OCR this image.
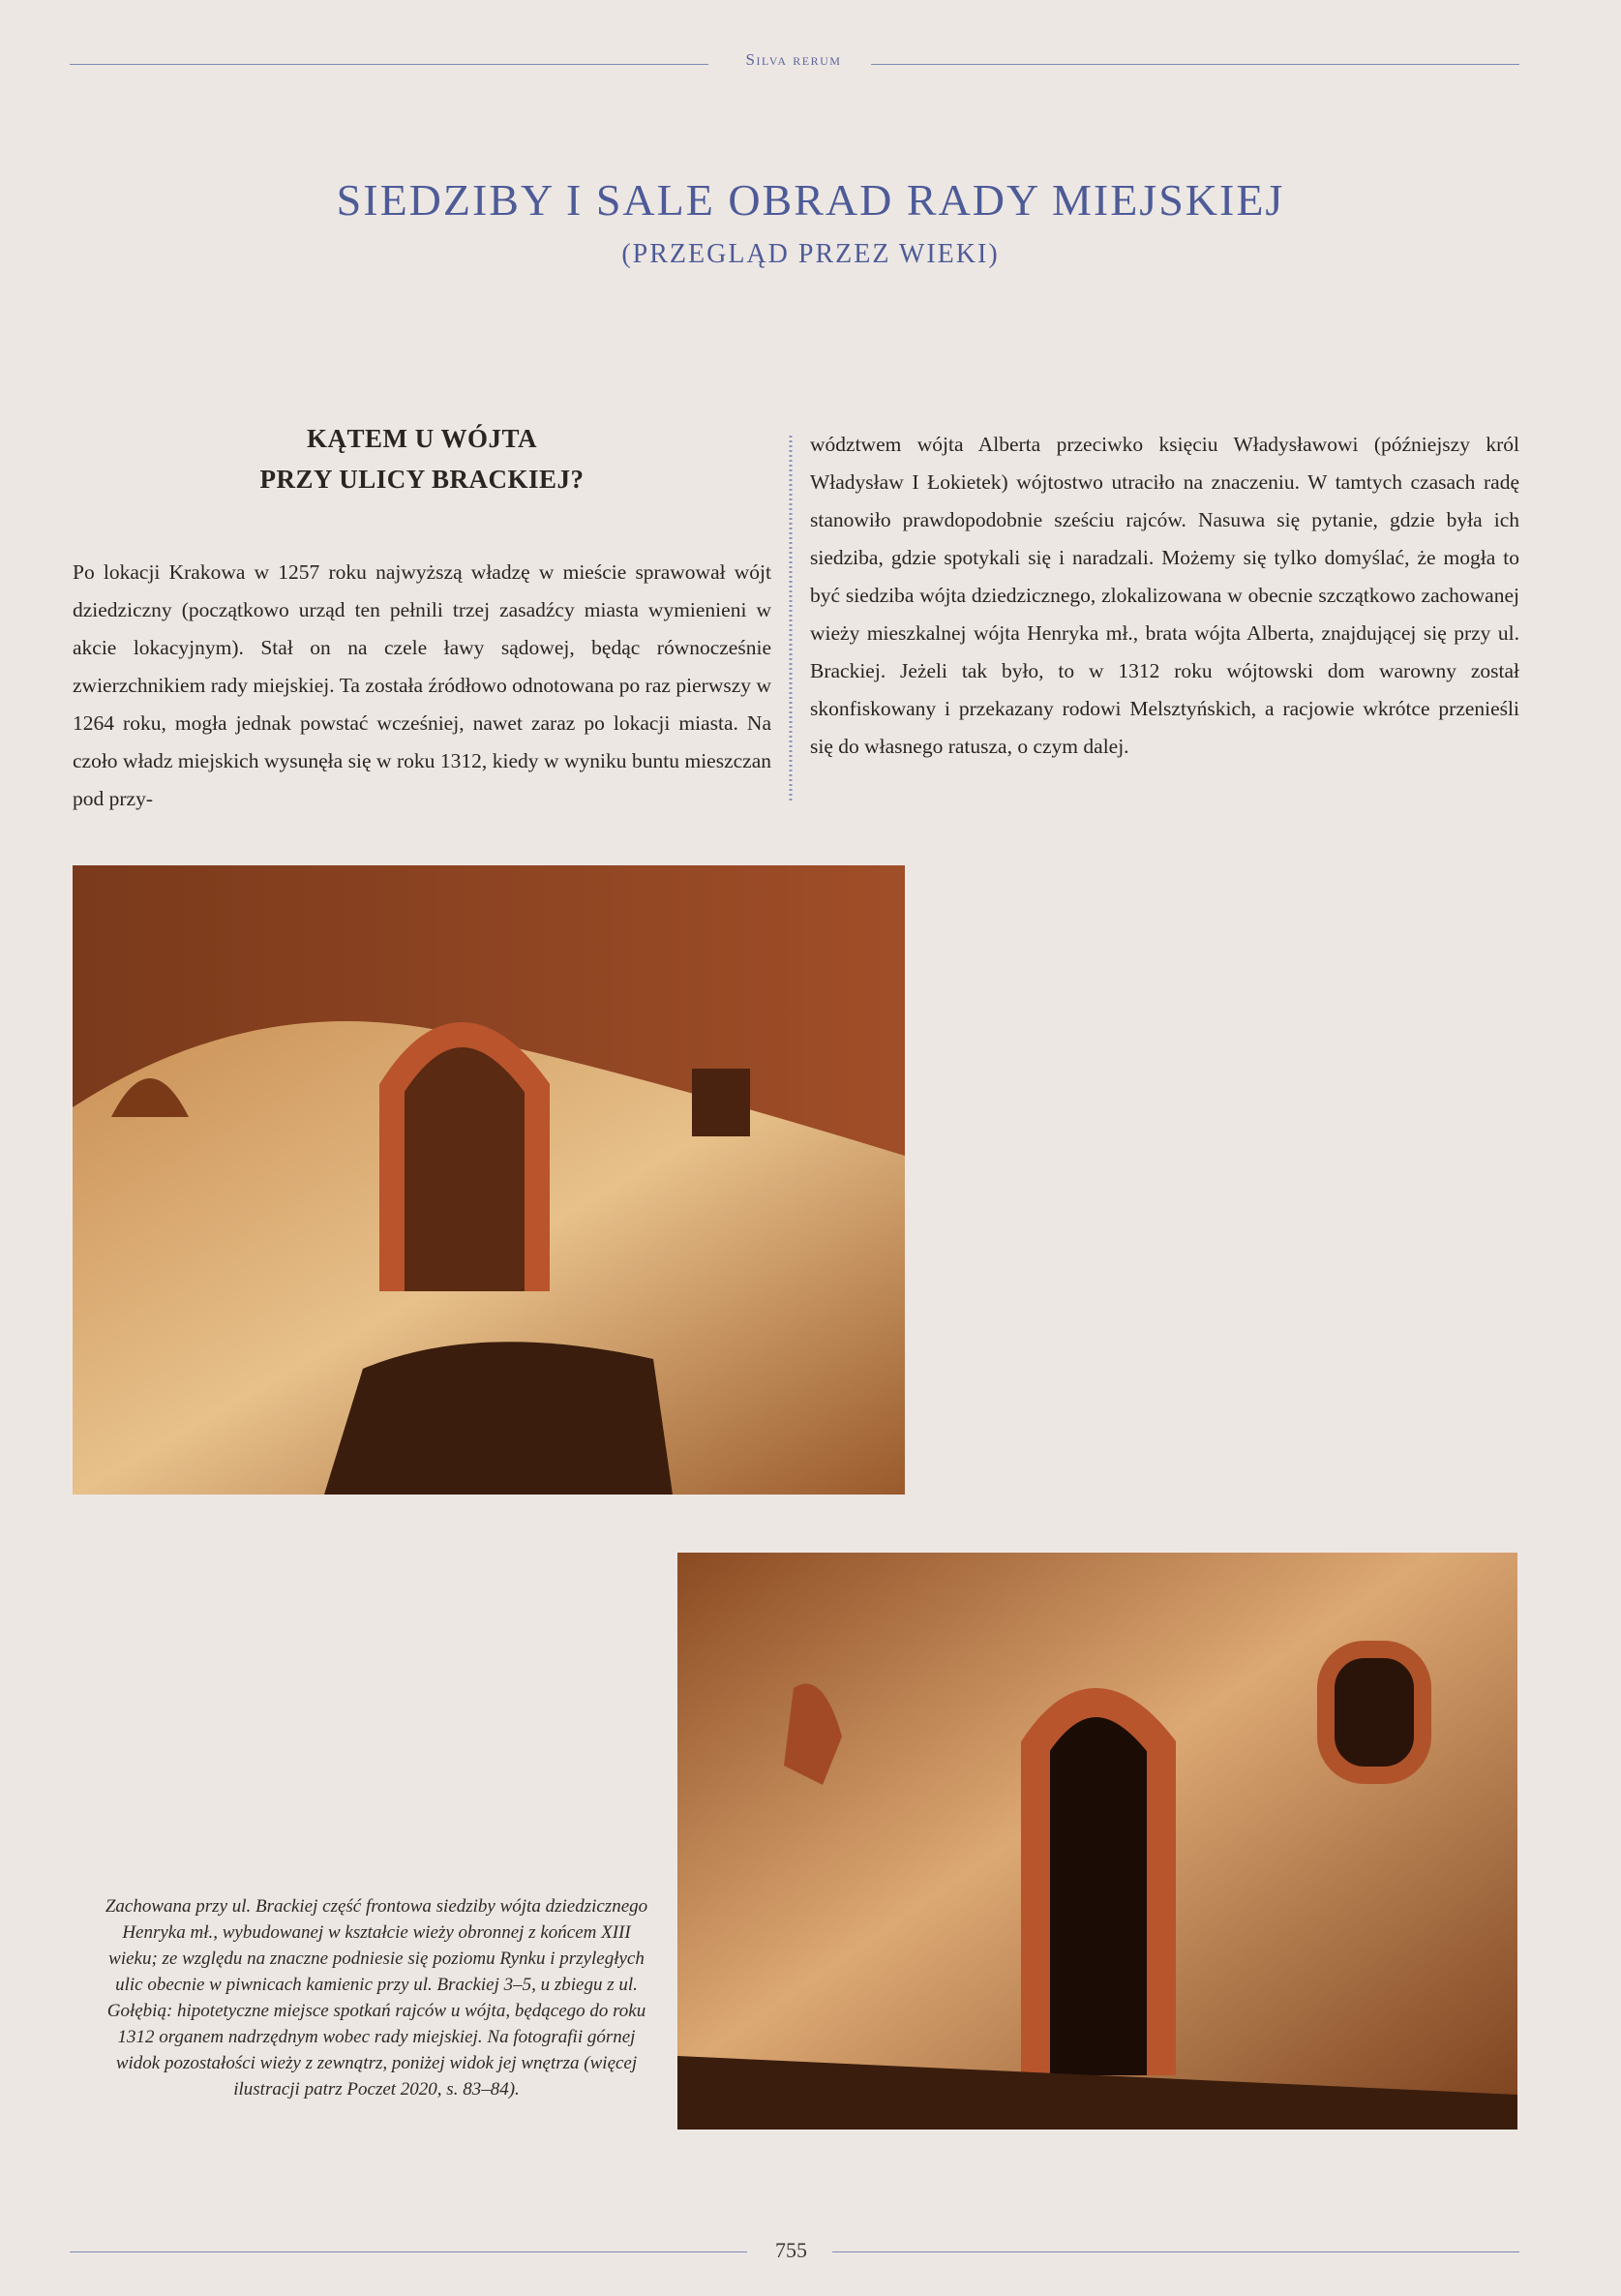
Silva rerum
SIEDZIBY I SALE OBRAD RADY MIEJSKIEJ
(PRZEGLĄD PRZEZ WIEKI)
KĄTEM U WÓJTA
PRZY ULICY BRACKIEJ?
Po lokacji Krakowa w 1257 roku najwyższą władzę w mieście sprawował wójt dziedziczny (początkowo urząd ten pełnili trzej zasadźcy miasta wymienieni w akcie lokacyjnym). Stał on na czele ławy sądowej, będąc równocześnie zwierzchnikiem rady miejskiej. Ta została źródłowo odnotowana po raz pierwszy w 1264 roku, mogła jednak powstać wcześniej, nawet zaraz po lokacji miasta. Na czoło władz miejskich wysunęła się w roku 1312, kiedy w wyniku buntu mieszczan pod przy-
wództwem wójta Alberta przeciwko księciu Władysławowi (późniejszy król Władysław I Łokietek) wójtostwo utraciło na znaczeniu. W tamtych czasach radę stanowiło prawdopodobnie sześciu rajców. Nasuwa się pytanie, gdzie była ich siedziba, gdzie spotykali się i naradzali. Możemy się tylko domyślać, że mogła to być siedziba wójta dziedzicznego, zlokalizowana w obecnie szczątkowo zachowanej wieży mieszkalnej wójta Henryka mł., brata wójta Alberta, znajdującej się przy ul. Brackiej. Jeżeli tak było, to w 1312 roku wójtowski dom warowny został skonfiskowany i przekazany rodowi Melsztyńskich, a racjowie wkrótce przenieśli się do własnego ratusza, o czym dalej.
Zachowana przy ul. Brackiej część frontowa siedziby wójta dziedzicznego Henryka mł., wybudowanej w kształcie wieży obronnej z końcem XIII wieku; ze względu na znaczne podniesie się poziomu Rynku i przyległych ulic obecnie w piwnicach kamienic przy ul. Brackiej 3–5, u zbiegu z ul. Gołębią: hipotetyczne miejsce spotkań rajców u wójta, będącego do roku 1312 organem nadrzędnym wobec rady miejskiej. Na fotografii górnej widok pozostałości wieży z zewnątrz, poniżej widok jej wnętrza (więcej ilustracji patrz Poczet 2020, s. 83–84).
755
